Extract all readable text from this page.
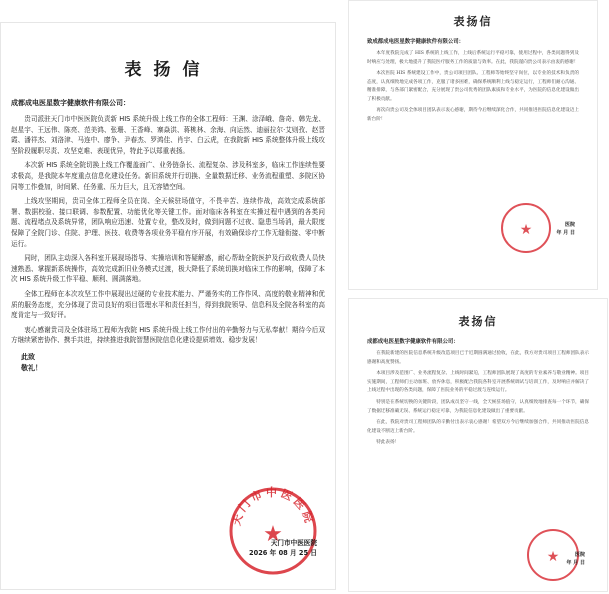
表扬信
成都成电医星数字健康软件有限公司：
贵司派驻天门市中医医院负责新 HIS 系统升级上线工作的全体工程师：王渊、涂泽峨、詹奇、韩先龙、赵星宇、王远伟、陈亮、范美鸿、张珊、王香峰、寨焱洪、蒋桃林、余海、向运然、迪丽拉尔·艾则孜、赵晋霞、潘祥杰、刘洛津、马连中、廖争、尹春杰、罗鸿佳、肖宇、白云虎，在我院新 HIS 系统整体升级上线攻坚阶段履职尽责、攻坚克难、表现优异，特此予以郑重表扬。
本次新 HIS 系统全院切换上线工作覆盖面广、业务链条长、流程复杂、涉及科室多，临床工作连续性要求极高，是我院本年度重点信息化建设任务。新旧系统并行切换、全量数据迁移、业务流程重塑、多院区协同等工作叠加，时间紧、任务重、压力巨大，且无容错空间。
上线攻坚期间，贵司全体工程师全员在岗、全天候驻场值守，不畏辛苦、连续作战，高效完成系统部署、数据校验、接口联调、参数配置、功能优化等关键工作。面对临床各科室在实操过程中遇到的各类问题、流程堵点及系统异常，团队响应迅速、处置专业，整改及时，做到问题不过夜、隐患当场消，最大限度保障了全院门诊、住院、护理、医技、收费等各项业务平稳有序开展，有效确保诊疗工作无缝衔接、零中断运行。
同时，团队主动深入各科室开展现场指导、实操培训和答疑解惑，耐心帮助全院医护及行政收费人员快速熟悉、掌握新系统操作，高效完成新旧业务模式过渡，极大降低了系统切换对临床工作的影响，保障了本次 HIS 系统升级工作平稳、顺利、圆满落地。
全体工程师在本次攻坚工作中展现出过硬的专业技术能力、严谨务实的工作作风、高度的敬业精神和优质的服务态度，充分体现了贵司良好的项目管理水平和责任担当，得到我院领导、信息科及全院各科室的高度肯定与一致好评。
衷心感谢贵司及全体驻场工程师为我院 HIS 系统升级上线工作付出的辛勤努力与无私奉献！期待今后双方继续紧密协作、携手共进，持续推进我院智慧医院信息化建设提质增效、稳步发展！
此致
敬礼！
天门市中医医院
★
天门市中医医院
2026 年 08 月 25 日
表扬信
致成都成电医星数字健康软件有限公司：
本年度我院完成了 HIS 系统的上线工作，上线后系统运行平稳可靠，使用过程中，各类问题得到及时响应与处理，极大地提升了我院医疗服务工作的质量与效率。在此，我院谨向贵公司表示由衷的感谢！
本次医院 HIS 系统建设工作中，贵公司项目团队、工程师等始终坚守岗位，以专业的技术和负责的态度，认真细致地完成各项工作，克服了诸多困难，确保系统顺利上线与稳定运行，工程师们耐心沟通、精准排障，与各部门紧密配合，充分展现了贵公司优秀的团队素质和专业水平，为医院的信息化建设做出了积极贡献。
再次向贵公司及全体项目团队表示衷心感谢，期待今后继续深化合作，共同推进医院信息化建设迈上新台阶！
★	医院
年 月 日
表扬信
成都成电医星数字健康软件有限公司：
在我院新建的医院信息系统升级改造项目已于近期圆满通过验收，在此，我方对贵司项目工程师团队表示感谢和高度赞扬。
本项目涉及范围广、业务流程复杂、上线时间紧迫，工程师团队展现了高度的专业素养与敬业精神。项目实施期间，工程师们主动加班、放弃休息，积极配合我院各科室开展系统调试与培训工作，及时响应并解决了上线过程中出现的各类问题，保障了医院业务的平稳过渡与连续运行。
特别是在系统切换的关键阶段，团队成员坚守一线，全天候驻场值守，认真细致地排查每一个环节，确保了数据迁移准确无误、系统运行稳定可靠，为我院信息化建设做出了重要贡献。
在此，我院对贵司工程师团队的辛勤付出表示衷心感谢！希望双方今后继续加强合作，共同推动医院信息化建设不断迈上新台阶。
特此表扬！
★	医院
年 月 日
